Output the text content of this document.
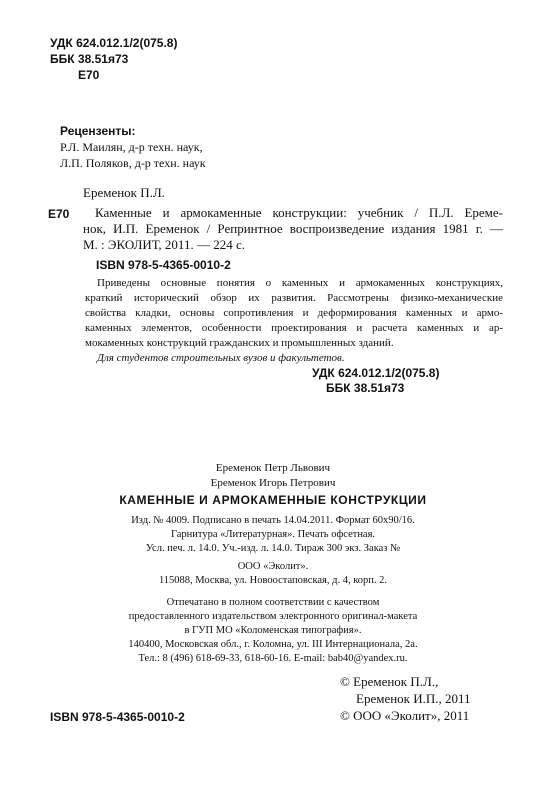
УДК 624.012.1/2(075.8)
ББК 38.51я73
Е70
Рецензенты:
Р.Л. Маилян, д-р техн. наук,
Л.П. Поляков, д-р техн. наук
Еременок П.Л.
Е70	Каменные и армокаменные конструкции: учебник / П.Л. Ереме-
нок, И.П. Еременок / Репринтное воспроизведение издания 1981 г. —
М. : ЭКОЛИТ, 2011. — 224 с.
ISBN 978-5-4365-0010-2
Приведены основные понятия о каменных и армокаменных конструкциях,
краткий исторический обзор их развития. Рассмотрены физико-механические
свойства кладки, основы сопротивления и деформирования каменных и армо-
каменных элементов, особенности проектирования и расчета каменных и ар-
мокаменных конструкций гражданских и промышленных зданий.
Для студентов строительных вузов и факультетов.
УДК 624.012.1/2(075.8)
ББК 38.51я73
Еременок Петр Львович
Еременок Игорь Петрович
КАМЕННЫЕ И АРМОКАМЕННЫЕ КОНСТРУКЦИИ
Изд. № 4009. Подписано в печать 14.04.2011. Формат 60х90/16.
Гарнитура «Литературная». Печать офсетная.
Усл. печ. л. 14.0. Уч.-изд. л. 14.0. Тираж 300 экз. Заказ №
ООО «Эколит».
115088, Москва, ул. Новоостаповская, д. 4, корп. 2.
Отпечатано в полном соответствии с качеством
предоставленного издательством электронного оригинал-макета
в ГУП МО «Коломенская типография».
140400, Московская обл., г. Коломна, ул. III Интернационала, 2а.
Тел.: 8 (496) 618-69-33, 618-60-16. E-mail: bab40@yandex.ru.
ISBN 978-5-4365-0010-2
© Еременок П.Л.,
Еременок И.П., 2011
© ООО «Эколит», 2011
